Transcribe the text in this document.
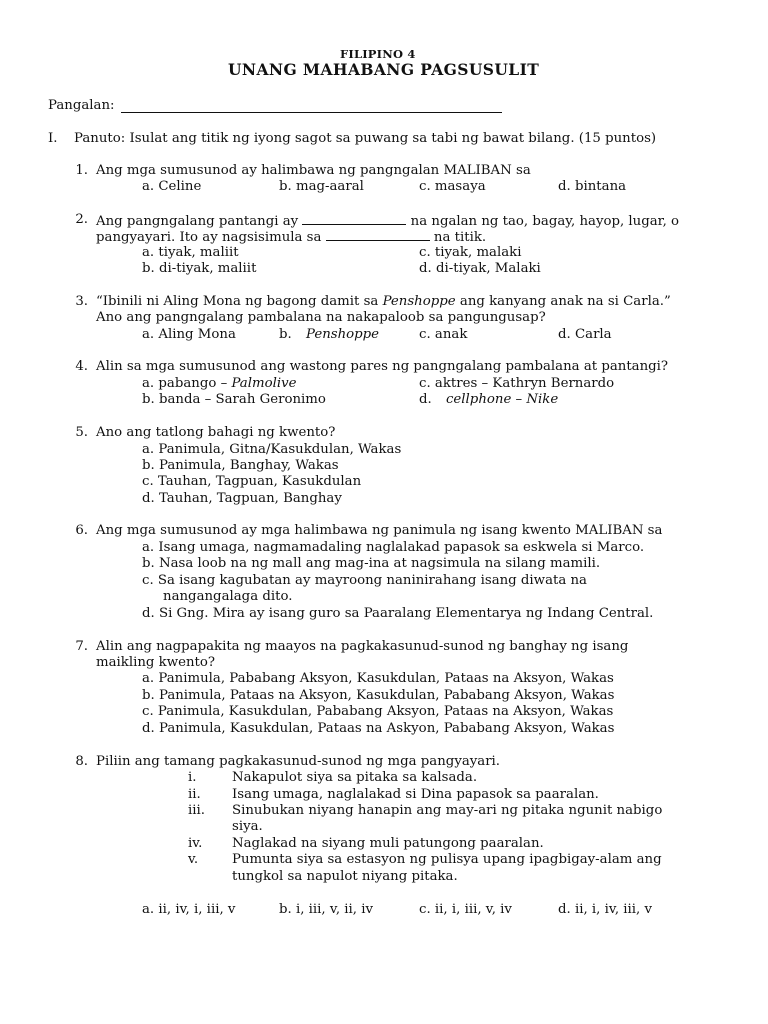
FILIPINO 4
UNANG MAHABANG PAGSUSULIT
Pangalan:
I. Panuto: Isulat ang titik ng iyong sagot sa puwang sa tabi ng bawat bilang. (15 puntos)
1. Ang mga sumusunod ay halimbawa ng pangngalan MALIBAN sa
a. Celine	b. mag-aaral	c. masaya	d. bintana
2. Ang pangngalang pantangi ay	na ngalan ng tao, bagay, hayop, lugar, o
pangyayari. Ito ay nagsisimula sa	na titik.
a. tiyak, maliit	c. tiyak, malaki
b. di-tiyak, maliit	d. di-tiyak, Malaki
3. “Ibinili ni Aling Mona ng bagong damit sa Penshoppe ang kanyang anak na si Carla.”
Ano ang pangngalang pambalana na nakapaloob sa pangungusap?
a. Aling Mona	b. Penshoppe	c. anak	d. Carla
4. Alin sa mga sumusunod ang wastong pares ng pangngalang pambalana at pantangi?
a. pabango – Palmolive	c. aktres – Kathryn Bernardo
b. banda – Sarah Geronimo	d. cellphone – Nike
5. Ano ang tatlong bahagi ng kwento?
a. Panimula, Gitna/Kasukdulan, Wakas
b. Panimula, Banghay, Wakas
c. Tauhan, Tagpuan, Kasukdulan
d. Tauhan, Tagpuan, Banghay
6. Ang mga sumusunod ay mga halimbawa ng panimula ng isang kwento MALIBAN sa
a. Isang umaga, nagmamadaling naglalakad papasok sa eskwela si Marco.
b. Nasa loob na ng mall ang mag-ina at nagsimula na silang mamili.
c. Sa isang kagubatan ay mayroong naninirahang isang diwata na
nangangalaga dito.
d. Si Gng. Mira ay isang guro sa Paaralang Elementarya ng Indang Central.
7. Alin ang nagpapakita ng maayos na pagkakasunud-sunod ng banghay ng isang
maikling kwento?
a. Panimula, Pababang Aksyon, Kasukdulan, Pataas na Aksyon, Wakas
b. Panimula, Pataas na Aksyon, Kasukdulan, Pababang Aksyon, Wakas
c. Panimula, Kasukdulan, Pababang Aksyon, Pataas na Aksyon, Wakas
d. Panimula, Kasukdulan, Pataas na Askyon, Pababang Aksyon, Wakas
8. Piliin ang tamang pagkakasunud-sunod ng mga pangyayari.
i.	Nakapulot siya sa pitaka sa kalsada.
ii. Isang umaga, naglalakad si Dina papasok sa paaralan.
iii. Sinubukan niyang hanapin ang may-ari ng pitaka ngunit nabigo
siya.
iv. Naglakad na siyang muli patungong paaralan.
v.	Pumunta siya sa estasyon ng pulisya upang ipagbigay-alam ang
tungkol sa napulot niyang pitaka.
a. ii, iv, i, iii, v	b. i, iii, v, ii, iv	c. ii, i, iii, v, iv	d. ii, i, iv, iii, v
